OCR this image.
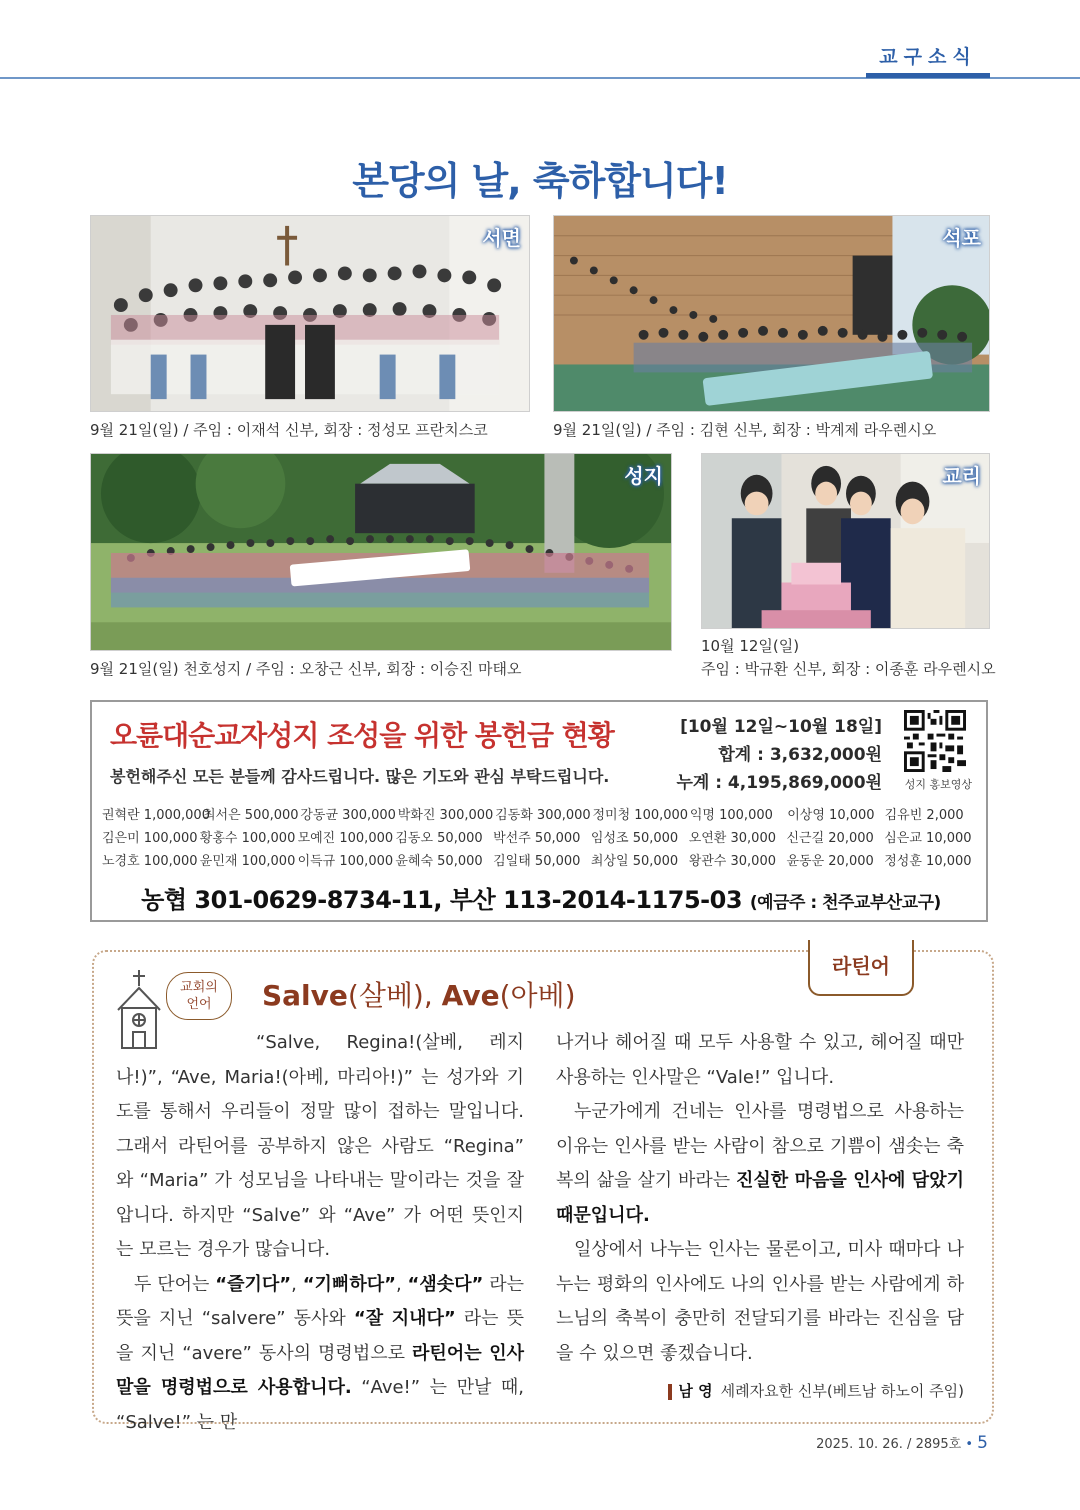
교구소식
본당의 날, 축하합니다!
서면
9월 21일(일) / 주임 : 이재석 신부, 회장 : 정성모 프란치스코
석포
9월 21일(일) / 주임 : 김현 신부, 회장 : 박계제 라우렌시오
성지
9월 21일(일) 천호성지 / 주임 : 오창근 신부, 회장 : 이승진 마태오
교리
10월 12일(일)
주임 : 박규환 신부, 회장 : 이종훈 라우렌시오
오륜대순교자성지 조성을 위한 봉헌금 현황
봉헌해주신 모든 분들께 감사드립니다. 많은 기도와 관심 부탁드립니다.
[10월 12일~10월 18일]
합계 : 3,632,000원
누계 : 4,195,869,000원 성지 홍보영상
권혁란 1,000,000
최서은 500,000 강동균 300,000 박화진 300,000 김동화 300,000 정미청 100,000 익명 100,000	이상영 10,000 김유빈 2,000
김은미 100,000 황홍수 100,000 모예진 100,000 김동오 50,000 박선주 50,000 임성조 50,000 오연환 30,000 신근길 20,000 심은교 10,000
노경호 100,000 윤민재 100,000 이득규 100,000 윤혜숙 50,000 김일태 50,000 최상일 50,000 왕관수 30,000 윤동운 20,000 정성훈 10,000
농협 301-0629-8734-11, 부산 113-2014-1175-03 (예금주 : 천주교부산교구)
라틴어
교회의
언어	Salve(살베), Ave(아베)

“Salve, Regina!(살베, 레지나!)”, “Ave, Maria!(아베, 마리아!)” 는 성가와 기도를 통해서 우리들이 정말 많이 접하는 말입니다. 그래서 라틴어를 공부하지 않은 사람도 “Regina” 와 “Maria” 가 성모님을 나타내는 말이라는 것을 잘 압니다. 하지만 “Salve” 와 “Ave” 가 어떤 뜻인지는 모르는 경우가 많습니다.

두 단어는 “즐기다”, “기뻐하다”, “샘솟다” 라는 뜻을 지닌 “salvere” 동사와 “잘 지내다” 라는 뜻을 지닌 “avere” 동사의 명령법으로 라틴어는 인사말을 명령법으로 사용합니다. “Ave!” 는 만날 때, “Salve!” 는 만

나거나 헤어질 때 모두 사용할 수 있고, 헤어질 때만 사용하는 인사말은 “Vale!” 입니다.

누군가에게 건네는 인사를 명령법으로 사용하는 이유는 인사를 받는 사람이 참으로 기쁨이 샘솟는 축복의 삶을 살기 바라는 진실한 마음을 인사에 담았기 때문입니다.

일상에서 나누는 인사는 물론이고, 미사 때마다 나누는 평화의 인사에도 나의 인사를 받는 사람에게 하느님의 축복이 충만히 전달되기를 바라는 진심을 담을 수 있으면 좋겠습니다.

남 영 세례자요한 신부(베트남 하노이 주임)
2025. 10. 26. / 2895호 • 5
